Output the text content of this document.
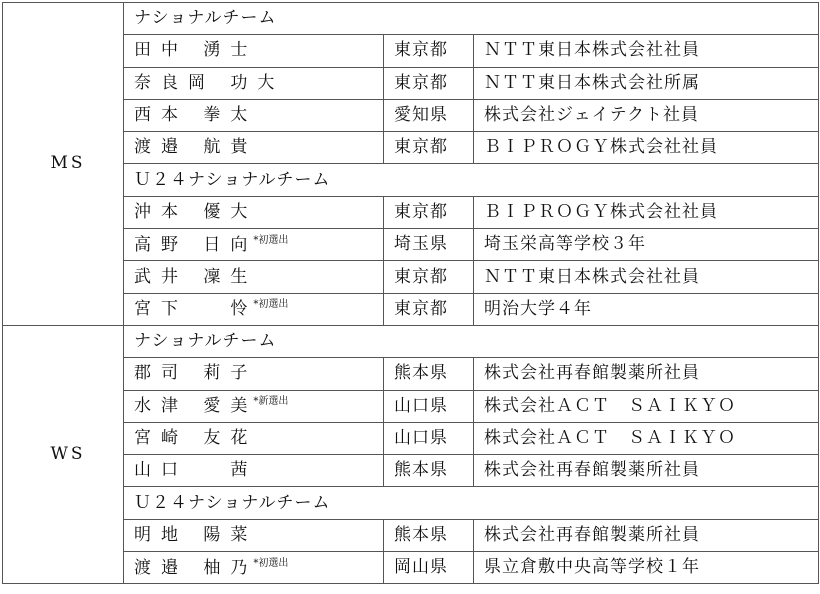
MS	ナショナルチーム		
	田中 湧士	東京都	ＮＴＴ東日本株式会社社員
	奈良岡 功大	東京都	ＮＴＴ東日本株式会社所属
	西本 拳太	愛知県	株式会社ジェイテクト社員
	渡邉 航貴	東京都	ＢＩＰＲＯＧＹ株式会社社員
	Ｕ２４ナショナルチーム		
	沖本 優大	東京都	ＢＩＰＲＯＧＹ株式会社社員
	高野 日向$^{*初選出}$	埼玉県	埼玉栄高等学校３年
	武井 凜生	東京都	ＮＴＴ東日本株式会社社員
	宮下 　怜$^{*初選出}$	東京都	明治大学４年
WS	ナショナルチーム		
	郡司 莉子	熊本県	株式会社再春館製薬所社員
	水津 愛美$^{*新選出}$	山口県	株式会社ＡＣＴ　ＳＡＩＫＹＯ
	宮崎 友花	山口県	株式会社ＡＣＴ　ＳＡＩＫＹＯ
	山口 　茜	熊本県	株式会社再春館製薬所社員
	Ｕ２４ナショナルチーム		
	明地 陽菜	熊本県	株式会社再春館製薬所社員
	渡邉 柚乃$^{*初選出}$	岡山県	県立倉敷中央高等学校１年
